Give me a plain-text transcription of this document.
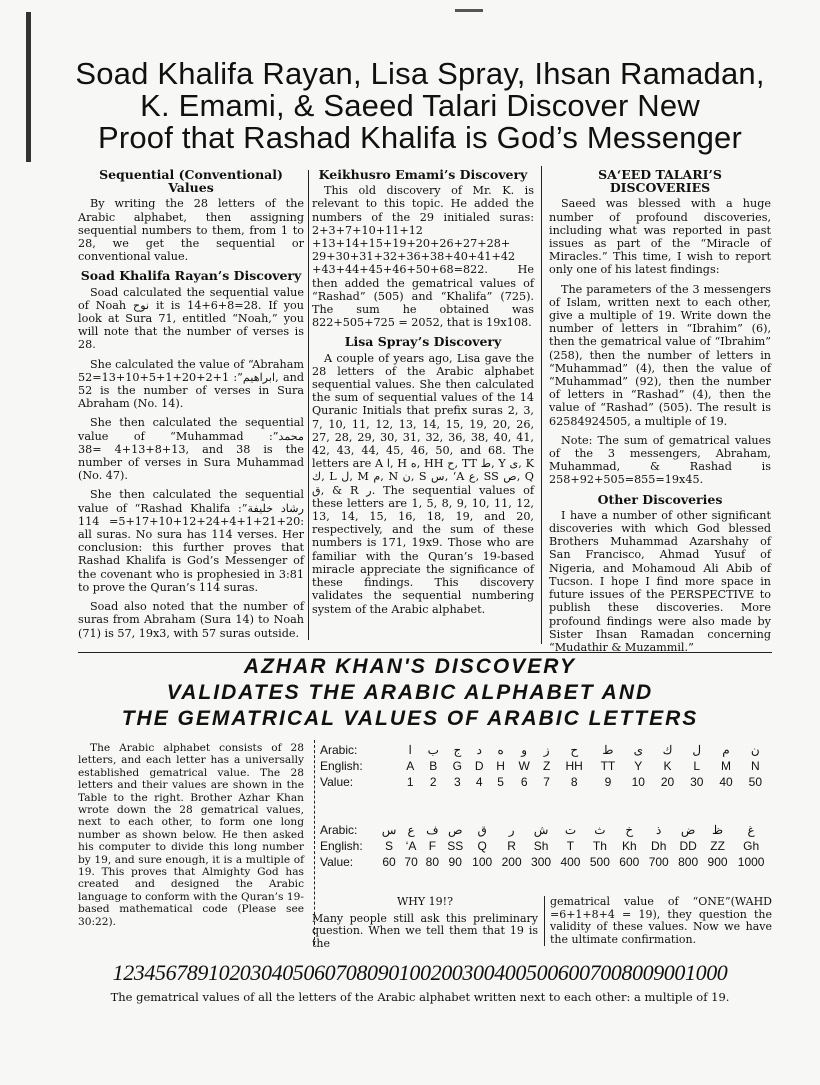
Soad Khalifa Rayan, Lisa Spray, Ihsan Ramadan,
K. Emami, & Saeed Talari Discover New
Proof that Rashad Khalifa is God’s Messenger
Sequential (Conventional) Values

By writing the 28 letters of the Arabic alphabet, then assigning sequential numbers to them, from 1 to 28, we get the sequential or conventional value.

Soad Khalifa Rayan’s Discovery

Soad calculated the sequential value of Noah نوح it is 14+6+8=28. If you look at Sura 71, entitled “Noah,” you will note that the number of verses is 28.

She calculated the value of “Abraham ابراهيم”: 1+2+20+1+5+10+13=52, and 52 is the number of verses in Sura Abraham (No. 14).

She then calculated the sequential value of “Muhammad محمد”: 13+8+13+4 =38, and 38 is the number of verses in Sura Muhammad (No. 47).

She then calculated the sequential value of “Rashad Khalifa رشاد خليفة”: 20+21+1+4+24+12+10+17+5= 114: all suras. No sura has 114 verses. Her conclusion: this further proves that Rashad Khalifa is God’s Messenger of the covenant who is prophesied in 3:81 to prove the Quran’s 114 suras.

Soad also noted that the number of suras from Abraham (Sura 14) to Noah (71) is 57, 19x3, with 57 suras outside.

Keikhusro Emami’s Discovery

This old discovery of Mr. K. is relevant to this topic. He added the numbers of the 29 initialed suras: 2+3+7+10+11+12 +13+14+15+19+20+26+27+28+ 29+30+31+32+36+38+40+41+42 +43+44+45+46+50+68=822. He then added the gematrical values of “Rashad” (505) and “Khalifa” (725). The sum he obtained was 822+505+725 = 2052, that is 19x108.

Lisa Spray’s Discovery

A couple of years ago, Lisa gave the 28 letters of the Arabic alphabet sequential values. She then calculated the sum of sequential values of the 14 Quranic Initials that prefix suras 2, 3, 7, 10, 11, 12, 13, 14, 15, 19, 20, 26, 27, 28, 29, 30, 31, 32, 36, 38, 40, 41, 42, 43, 44, 45, 46, 50, and 68. The letters are A ا, H ه, HH ح, TT ط, Y ى, K ك, L ل, M م, N ن, S س, ‘A ع, SS ص, Q ق, & R ر. The sequential values of these letters are 1, 5, 8, 9, 10, 11, 12, 13, 14, 15, 16, 18, 19, and 20, respectively, and the sum of these numbers is 171, 19x9. Those who are familiar with the Quran’s 19-based miracle appreciate the significance of these findings. This discovery validates the sequential numbering system of the Arabic alphabet.

SA‘EED TALARI’S DISCOVERIES

Saeed was blessed with a huge number of profound discoveries, including what was reported in past issues as part of the “Miracle of Miracles.” This time, I wish to report only one of his latest findings:

The parameters of the 3 messengers of Islam, written next to each other, give a multiple of 19. Write down the number of letters in “Ibrahim” (6), then the gematrical value of “Ibrahim” (258), then the number of letters in “Muhammad” (4), then the value of “Muhammad” (92), then the number of letters in “Rashad” (4), then the value of “Rashad” (505). The result is 62584924505, a multiple of 19.

Note: The sum of gematrical values of the 3 messengers, Abraham, Muhammad, & Rashad is 258+92+505=855=19x45.

Other Discoveries

I have a number of other significant discoveries with which God blessed Brothers Muhammad Azarshahy of San Francisco, Ahmad Yusuf of Nigeria, and Mohamoud Ali Abib of Tucson. I hope I find more space in future issues of the PERSPECTIVE to publish these discoveries. More profound findings were also made by Sister Ihsan Ramadan concerning “Mudathir & Muzammil.”

AZHAR KHAN'S DISCOVERY
VALIDATES THE ARABIC ALPHABET AND
THE GEMATRICAL VALUES OF ARABIC LETTERS

The Arabic alphabet consists of 28 letters, and each letter has a universally established gematrical value. The 28 letters and their values are shown in the Table to the right. Brother Azhar Khan wrote down the 28 gematrical values, next to each other, to form one long number as shown below. He then asked his computer to divide this long number by 19, and sure enough, it is a multiple of 19. This proves that Almighty God has created and designed the Arabic language to conform with the Quran’s 19-based mathematical code (Please see 30:22).

Arabic:	ا	ب	ج	د	ه	و	ز	ح	ط	ى	ك	ل	م	ن
English:	A	B	G	D	H	W	Z	HH	TT	Y	K	L	M	N
Value:	1	2	3	4	5	6	7	8	9	10	20	30	40	50
Arabic:	س	ع	ف	ص	ق	ر	ش	ت	ث	خ	ذ	ض	ظ	غ
English:	S	‘A	F	SS	Q	R	Sh	T	Th	Kh	Dh	DD	ZZ	Gh
Value:	60	70	80	90	100	200	300	400	500	600	700	800	900	1000
WHY 19!?
Many people still ask this preliminary question. When we tell them that 19 is the
gematrical value of “ONE”(WAHD =6+1+8+4 = 19), they question the validity of these values. Now we have the ultimate confirmation.
1234567891020304050607080901002003004005006007008009001000
The gematrical values of all the letters of the Arabic alphabet written next to each other: a multiple of 19.
